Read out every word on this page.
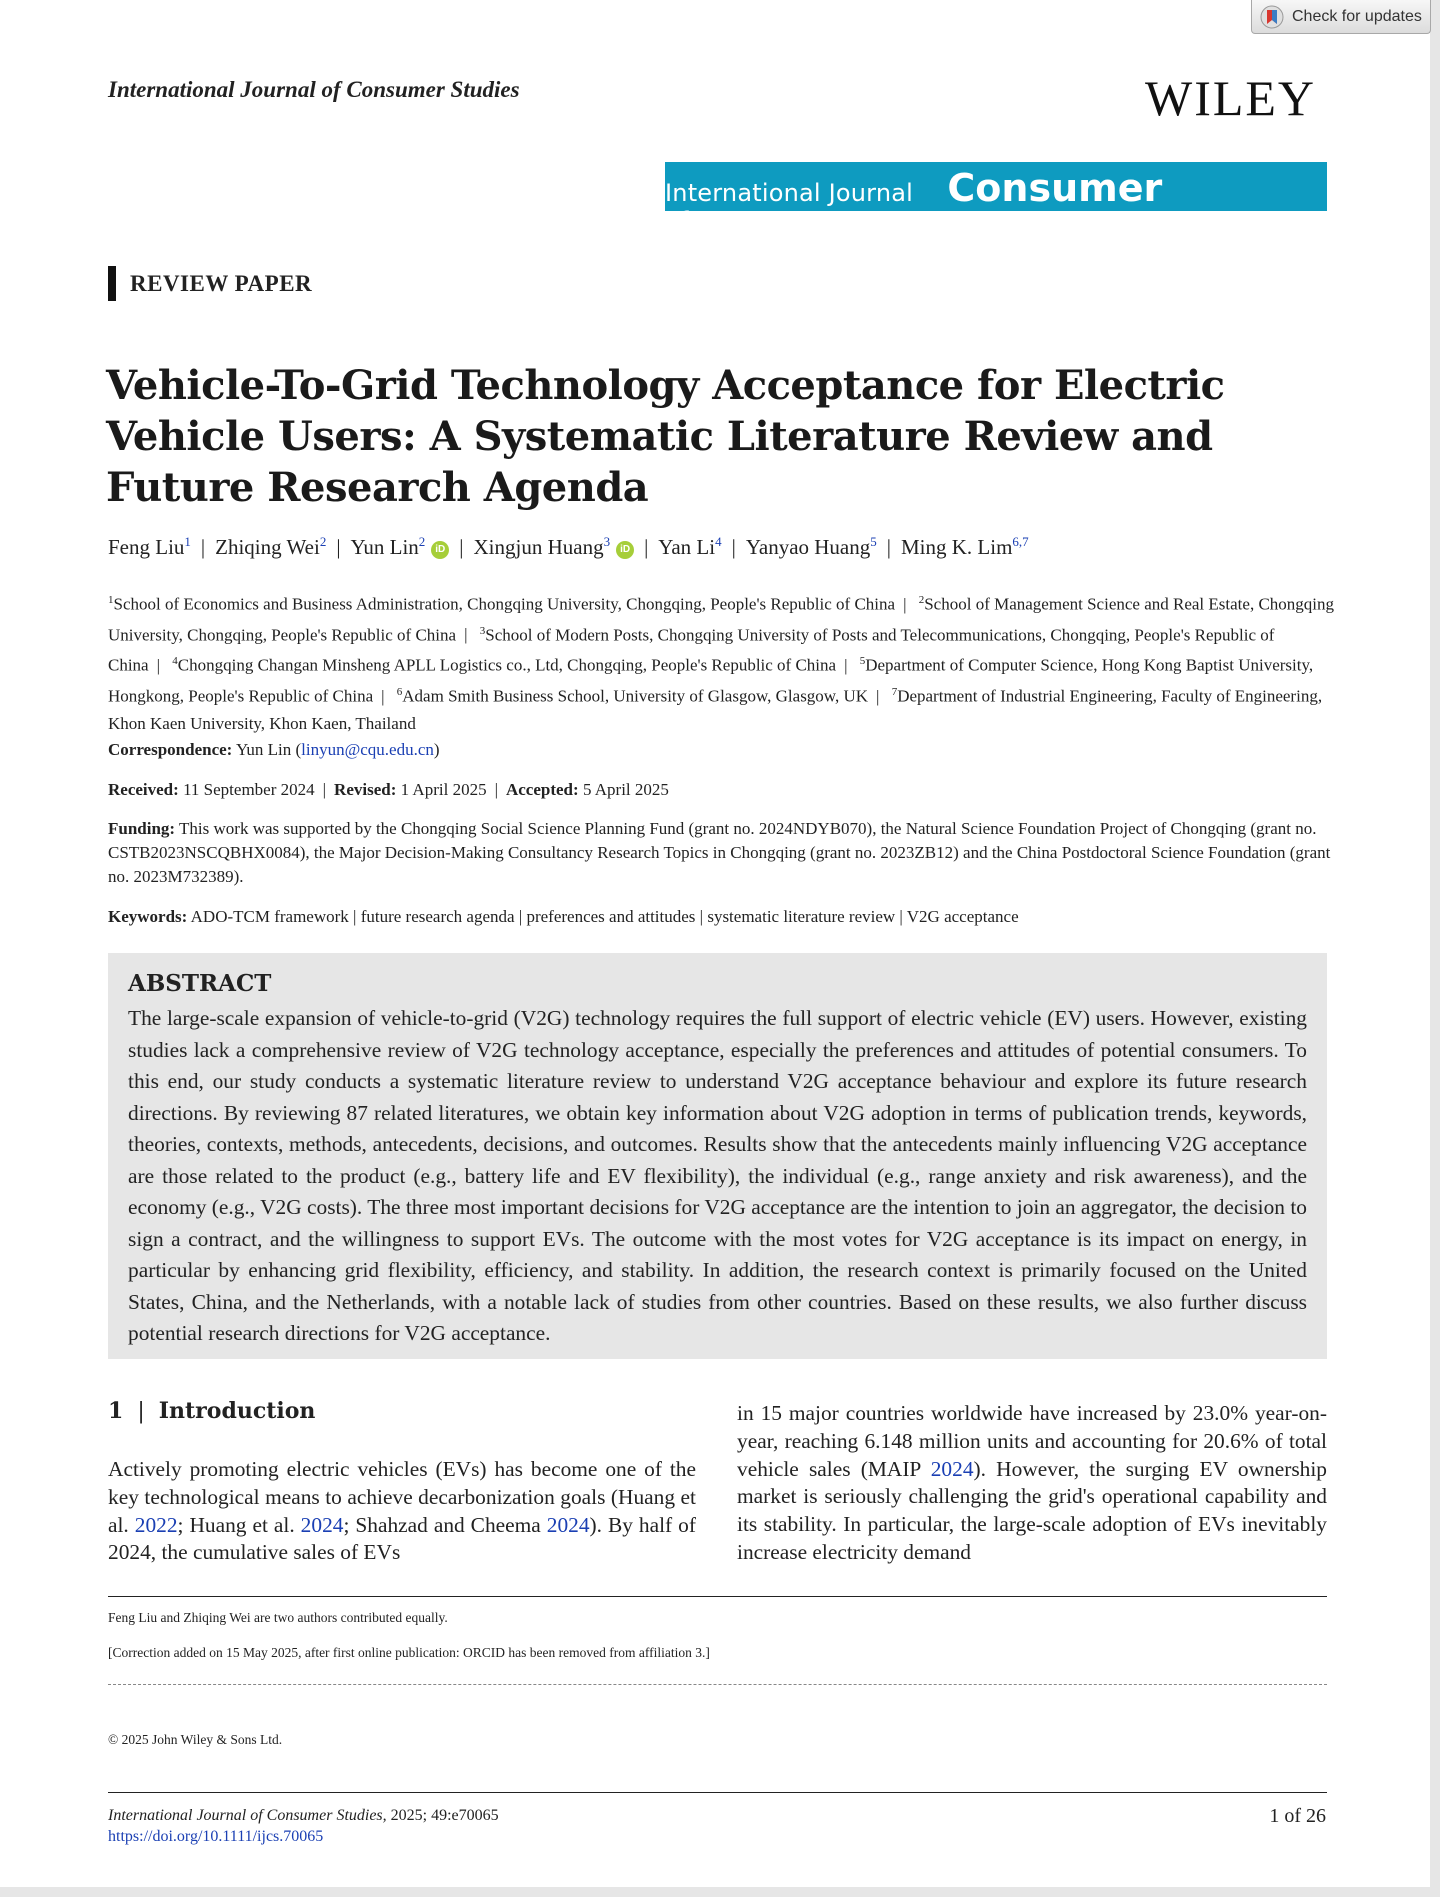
Check for updates
International Journal of Consumer Studies	WILEY
International Journal of
Consumer Studies
REVIEW PAPER
Vehicle-To-Grid Technology Acceptance for Electric Vehicle Users: A Systematic Literature Review and Future Research Agenda
Feng Liu$^1$ | Zhiqing Wei$^2$ | Yun Lin$^2$iD | Xingjun Huang$^3$iD | Yan Li$^4$ | Yanyao Huang$^5$ | Ming K. Lim$^{6,7}$
$^1$School of Economics and Business Administration, Chongqing University, Chongqing, People's Republic of China | $^2$School of Management Science and Real Estate, Chongqing University, Chongqing, People's Republic of China | $^3$School of Modern Posts, Chongqing University of Posts and Telecommunications, Chongqing, People's Republic of China | $^4$Chongqing Changan Minsheng APLL Logistics co., Ltd, Chongqing, People's Republic of China | $^5$Department of Computer Science, Hong Kong Baptist University, Hongkong, People's Republic of China | $^6$Adam Smith Business School, University of Glasgow, Glasgow, UK | $^7$Department of Industrial Engineering, Faculty of Engineering, Khon Kaen University, Khon Kaen, Thailand
Correspondence: Yun Lin (linyun@cqu.edu.cn)
Received: 11 September 2024 | Revised: 1 April 2025 | Accepted: 5 April 2025
Funding: This work was supported by the Chongqing Social Science Planning Fund (grant no. 2024NDYB070), the Natural Science Foundation Project of Chongqing (grant no. CSTB2023NSCQBHX0084), the Major Decision-Making Consultancy Research Topics in Chongqing (grant no. 2023ZB12) and the China Postdoctoral Science Foundation (grant no. 2023M732389).
Keywords: ADO-TCM framework | future research agenda | preferences and attitudes | systematic literature review | V2G acceptance
ABSTRACT
The large-scale expansion of vehicle-to-grid (V2G) technology requires the full support of electric vehicle (EV) users. However, existing studies lack a comprehensive review of V2G technology acceptance, especially the preferences and attitudes of potential consumers. To this end, our study conducts a systematic literature review to understand V2G acceptance behaviour and explore its future research directions. By reviewing 87 related literatures, we obtain key information about V2G adoption in terms of publication trends, keywords, theories, contexts, methods, antecedents, decisions, and outcomes. Results show that the antecedents mainly influencing V2G acceptance are those related to the product (e.g., battery life and EV flexibility), the individual (e.g., range anxiety and risk awareness), and the economy (e.g., V2G costs). The three most important decisions for V2G acceptance are the intention to join an aggregator, the decision to sign a contract, and the willingness to support EVs. The outcome with the most votes for V2G acceptance is its impact on energy, in particular by enhancing grid flexibility, efficiency, and stability. In addition, the research context is primarily focused on the United States, China, and the Netherlands, with a notable lack of studies from other countries. Based on these results, we also further discuss potential research directions for V2G acceptance.
1 | Introduction
Actively promoting electric vehicles (EVs) has become one of the key technological means to achieve decarbonization goals (Huang et al. 2022; Huang et al. 2024; Shahzad and Cheema 2024). By half of 2024, the cumulative sales of EVs
in 15 major countries worldwide have increased by 23.0% year-on-year, reaching 6.148 million units and accounting for 20.6% of total vehicle sales (MAIP 2024). However, the surging EV ownership market is seriously challenging the grid's operational capability and its stability. In particular, the large-scale adoption of EVs inevitably increase electricity demand
Feng Liu and Zhiqing Wei are two authors contributed equally.
[Correction added on 15 May 2025, after first online publication: ORCID has been removed from affiliation 3.]
© 2025 John Wiley & Sons Ltd.
International Journal of Consumer Studies, 2025; 49:e70065
https://doi.org/10.1111/ijcs.70065
1 of 26
